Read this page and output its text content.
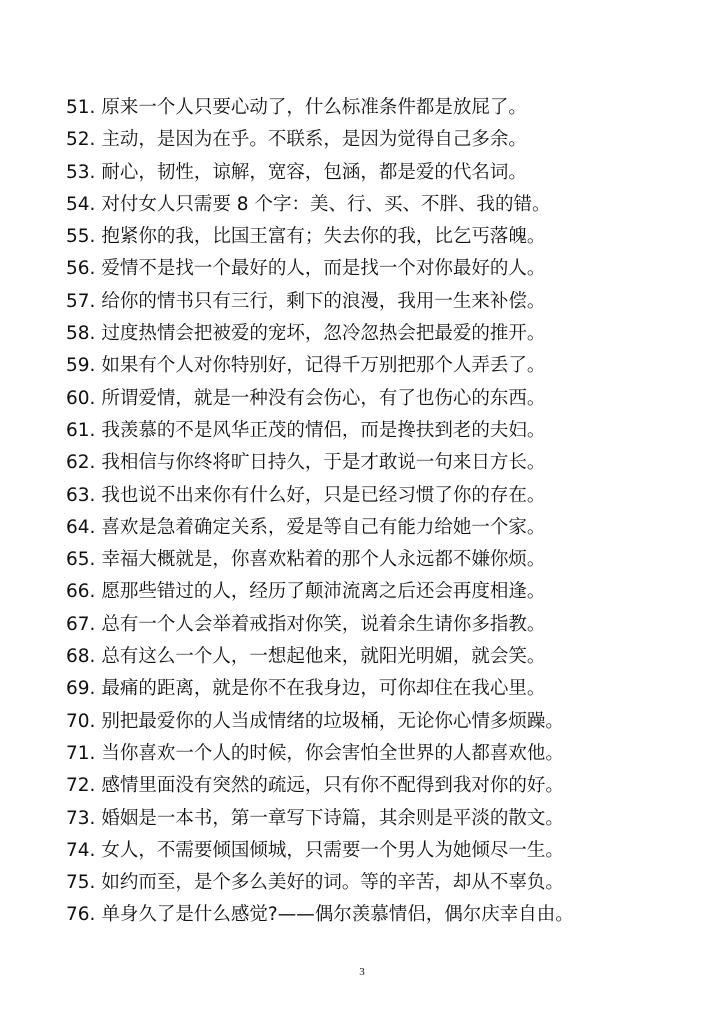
51. 原来一个人只要心动了，什么标准条件都是放屁了。
52. 主动，是因为在乎。不联系，是因为觉得自己多余。
53. 耐心，韧性，谅解，宽容，包涵，都是爱的代名词。
54. 对付女人只需要 8 个字：美、行、买、不胖、我的错。
55. 抱紧你的我，比国王富有；失去你的我，比乞丐落魄。
56. 爱情不是找一个最好的人，而是找一个对你最好的人。
57. 给你的情书只有三行，剩下的浪漫，我用一生来补偿。
58. 过度热情会把被爱的宠坏，忽冷忽热会把最爱的推开。
59. 如果有个人对你特别好，记得千万别把那个人弄丢了。
60. 所谓爱情，就是一种没有会伤心，有了也伤心的东西。
61. 我羡慕的不是风华正茂的情侣，而是搀扶到老的夫妇。
62. 我相信与你终将旷日持久，于是才敢说一句来日方长。
63. 我也说不出来你有什么好，只是已经习惯了你的存在。
64. 喜欢是急着确定关系，爱是等自己有能力给她一个家。
65. 幸福大概就是，你喜欢粘着的那个人永远都不嫌你烦。
66. 愿那些错过的人，经历了颠沛流离之后还会再度相逢。
67. 总有一个人会举着戒指对你笑，说着余生请你多指教。
68. 总有这么一个人，一想起他来，就阳光明媚，就会笑。
69. 最痛的距离，就是你不在我身边，可你却住在我心里。
70. 别把最爱你的人当成情绪的垃圾桶，无论你心情多烦躁。
71. 当你喜欢一个人的时候，你会害怕全世界的人都喜欢他。
72. 感情里面没有突然的疏远，只有你不配得到我对你的好。
73. 婚姻是一本书，第一章写下诗篇，其余则是平淡的散文。
74. 女人，不需要倾国倾城，只需要一个男人为她倾尽一生。
75. 如约而至，是个多么美好的词。等的辛苦，却从不辜负。
76. 单身久了是什么感觉?——偶尔羡慕情侣，偶尔庆幸自由。
3
